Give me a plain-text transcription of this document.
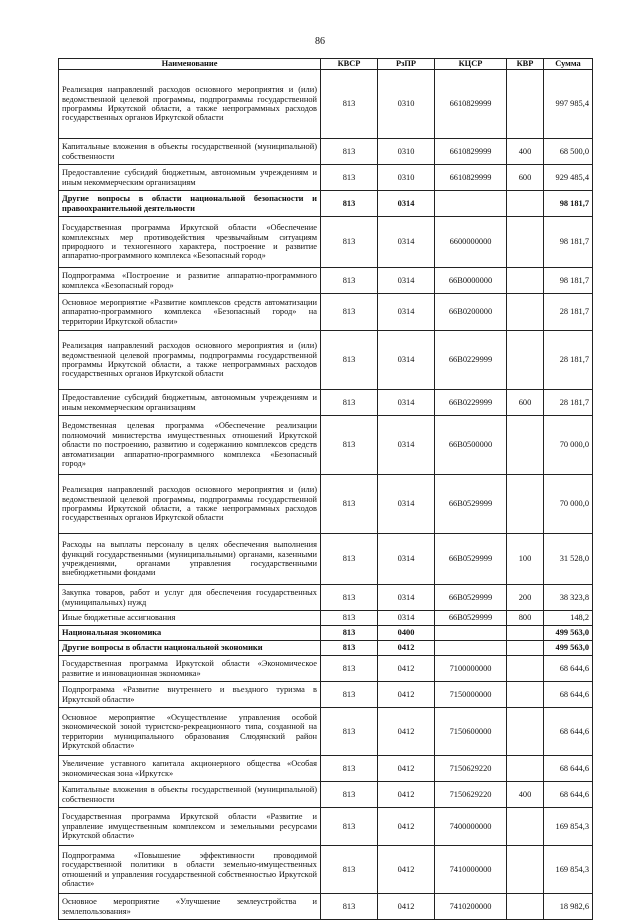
86
Наименование	КВСР	РзПР	КЦСР	КВР	Сумма
Реализация направлений расходов основного мероприятия и (или) ведомственной целевой программы, подпрограммы государственной программы Иркутской области, а также непрограммных расходов государственных органов Иркутской области	813	0310	6610829999		997 985,4
Капитальные вложения в объекты государственной (муниципальной) собственности	813	0310	6610829999	400	68 500,0
Предоставление субсидий бюджетным, автономным учреждениям и иным некоммерческим организациям	813	0310	6610829999	600	929 485,4
Другие вопросы в области национальной безопасности и правоохранительной деятельности	813	0314			98 181,7
Государственная программа Иркутской области «Обеспечение комплексных мер противодействия чрезвычайным ситуациям природного и техногенного характера, построение и развитие аппаратно-программного комплекса «Безопасный город»	813	0314	6600000000		98 181,7
Подпрограмма «Построение и развитие аппаратно-программного комплекса «Безопасный город»	813	0314	66В0000000		98 181,7
Основное мероприятие «Развитие комплексов средств автоматизации аппаратно-программного комплекса «Безопасный город» на территории Иркутской области»	813	0314	66В0200000		28 181,7
Реализация направлений расходов основного мероприятия и (или) ведомственной целевой программы, подпрограммы государственной программы Иркутской области, а также непрограммных расходов государственных органов Иркутской области	813	0314	66В0229999		28 181,7
Предоставление субсидий бюджетным, автономным учреждениям и иным некоммерческим организациям	813	0314	66В0229999	600	28 181,7
Ведомственная целевая программа «Обеспечение реализации полномочий министерства имущественных отношений Иркутской области по построению, развитию и содержанию комплексов средств автоматизации аппаратно-программного комплекса «Безопасный город»	813	0314	66В0500000		70 000,0
Реализация направлений расходов основного мероприятия и (или) ведомственной целевой программы, подпрограммы государственной программы Иркутской области, а также непрограммных расходов государственных органов Иркутской области	813	0314	66В0529999		70 000,0
Расходы на выплаты персоналу в целях обеспечения выполнения функций государственными (муниципальными) органами, казенными учреждениями, органами управления государственными внебюджетными фондами	813	0314	66В0529999	100	31 528,0
Закупка товаров, работ и услуг для обеспечения государственных (муниципальных) нужд	813	0314	66В0529999	200	38 323,8
Иные бюджетные ассигнования	813	0314	66В0529999	800	148,2
Национальная экономика	813	0400			499 563,0
Другие вопросы в области национальной экономики	813	0412			499 563,0
Государственная программа Иркутской области «Экономическое развитие и инновационная экономика»	813	0412	7100000000		68 644,6
Подпрограмма «Развитие внутреннего и въездного туризма в Иркутской области»	813	0412	7150000000		68 644,6
Основное мероприятие «Осуществление управления особой экономической зоной туристско-рекреационного типа, созданной на территории муниципального образования Слюдянский район Иркутской области»	813	0412	7150600000		68 644,6
Увеличение уставного капитала акционерного общества «Особая экономическая зона «Иркутск»	813	0412	7150629220		68 644,6
Капитальные вложения в объекты государственной (муниципальной) собственности	813	0412	7150629220	400	68 644,6
Государственная программа Иркутской области «Развитие и управление имущественным комплексом и земельными ресурсами Иркутской области»	813	0412	7400000000		169 854,3
Подпрограмма «Повышение эффективности проводимой государственной политики в области земельно-имущественных отношений и управления государственной собственностью Иркутской области»	813	0412	7410000000		169 854,3
Основное мероприятие «Улучшение землеустройства и землепользования»	813	0412	7410200000		18 982,6
